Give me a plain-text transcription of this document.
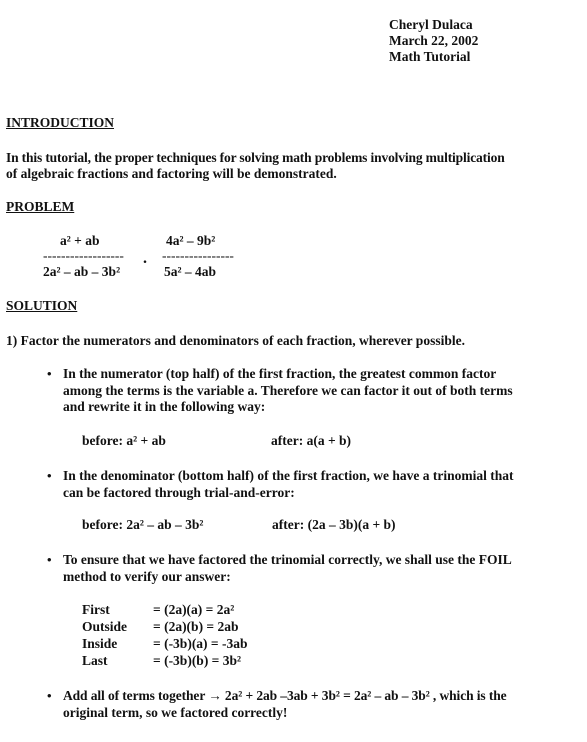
Cheryl Dulaca
March 22, 2002
Math Tutorial
INTRODUCTION
In this tutorial, the proper techniques for solving math problems involving multiplication
of algebraic fractions and factoring will be demonstrated.
PROBLEM
a² + ab
------------------
2a² – ab – 3b²
.
4a² – 9b²
----------------
5a² – 4ab
SOLUTION
1) Factor the numerators and denominators of each fraction, wherever possible.
• In the numerator (top half) of the first fraction, the greatest common factor
among the terms is the variable a. Therefore we can factor it out of both terms
and rewrite it in the following way:
before: a² + ab	after: a(a + b)
• In the denominator (bottom half) of the first fraction, we have a trinomial that
can be factored through trial-and-error:
before: 2a² – ab – 3b²	after: (2a – 3b)(a + b)
• To ensure that we have factored the trinomial correctly, we shall use the FOIL
method to verify our answer:
First	= (2a)(a) = 2a²
Outside = (2a)(b) = 2ab
Inside	= (-3b)(a) = -3ab
Last	= (-3b)(b) = 3b²
• Add all of terms together → 2a² + 2ab –3ab + 3b² = 2a² – ab – 3b² , which is the
original term, so we factored correctly!
